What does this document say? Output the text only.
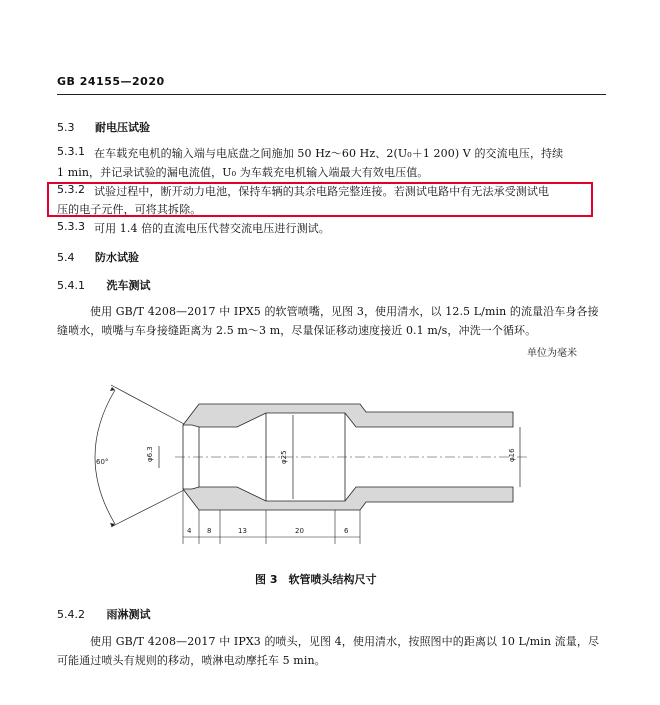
GB 24155—2020
5.3 耐电压试验
5.3.1 在车载充电机的输入端与电底盘之间施加 50 Hz～60 Hz、2(U₀＋1 200) V 的交流电压，持续
1 min，并记录试验的漏电流值，U₀ 为车载充电机输入端最大有效电压值。
5.3.2 试验过程中，断开动力电池，保持车辆的其余电路完整连接。若测试电路中有无法承受测试电
压的电子元件，可将其拆除。
5.3.3 可用 1.4 倍的直流电压代替交流电压进行测试。
5.4 防水试验
5.4.1 洗车测试
使用 GB/T 4208—2017 中 IPX5 的软管喷嘴，见图 3，使用清水，以 12.5 L/min 的流量沿车身各接
缝喷水，喷嘴与车身接缝距离为 2.5 m～3 m，尽量保证移动速度接近 0.1 m/s，冲洗一个循环。
单位为毫米
60°	φ6.3	φ25	φ16
4 8	13	20	6
图 3　软管喷头结构尺寸
5.4.2 雨淋测试
使用 GB/T 4208—2017 中 IPX3 的喷头，见图 4，使用清水，按照图中的距离以 10 L/min 流量，尽
可能通过喷头有规则的移动，喷淋电动摩托车 5 min。
